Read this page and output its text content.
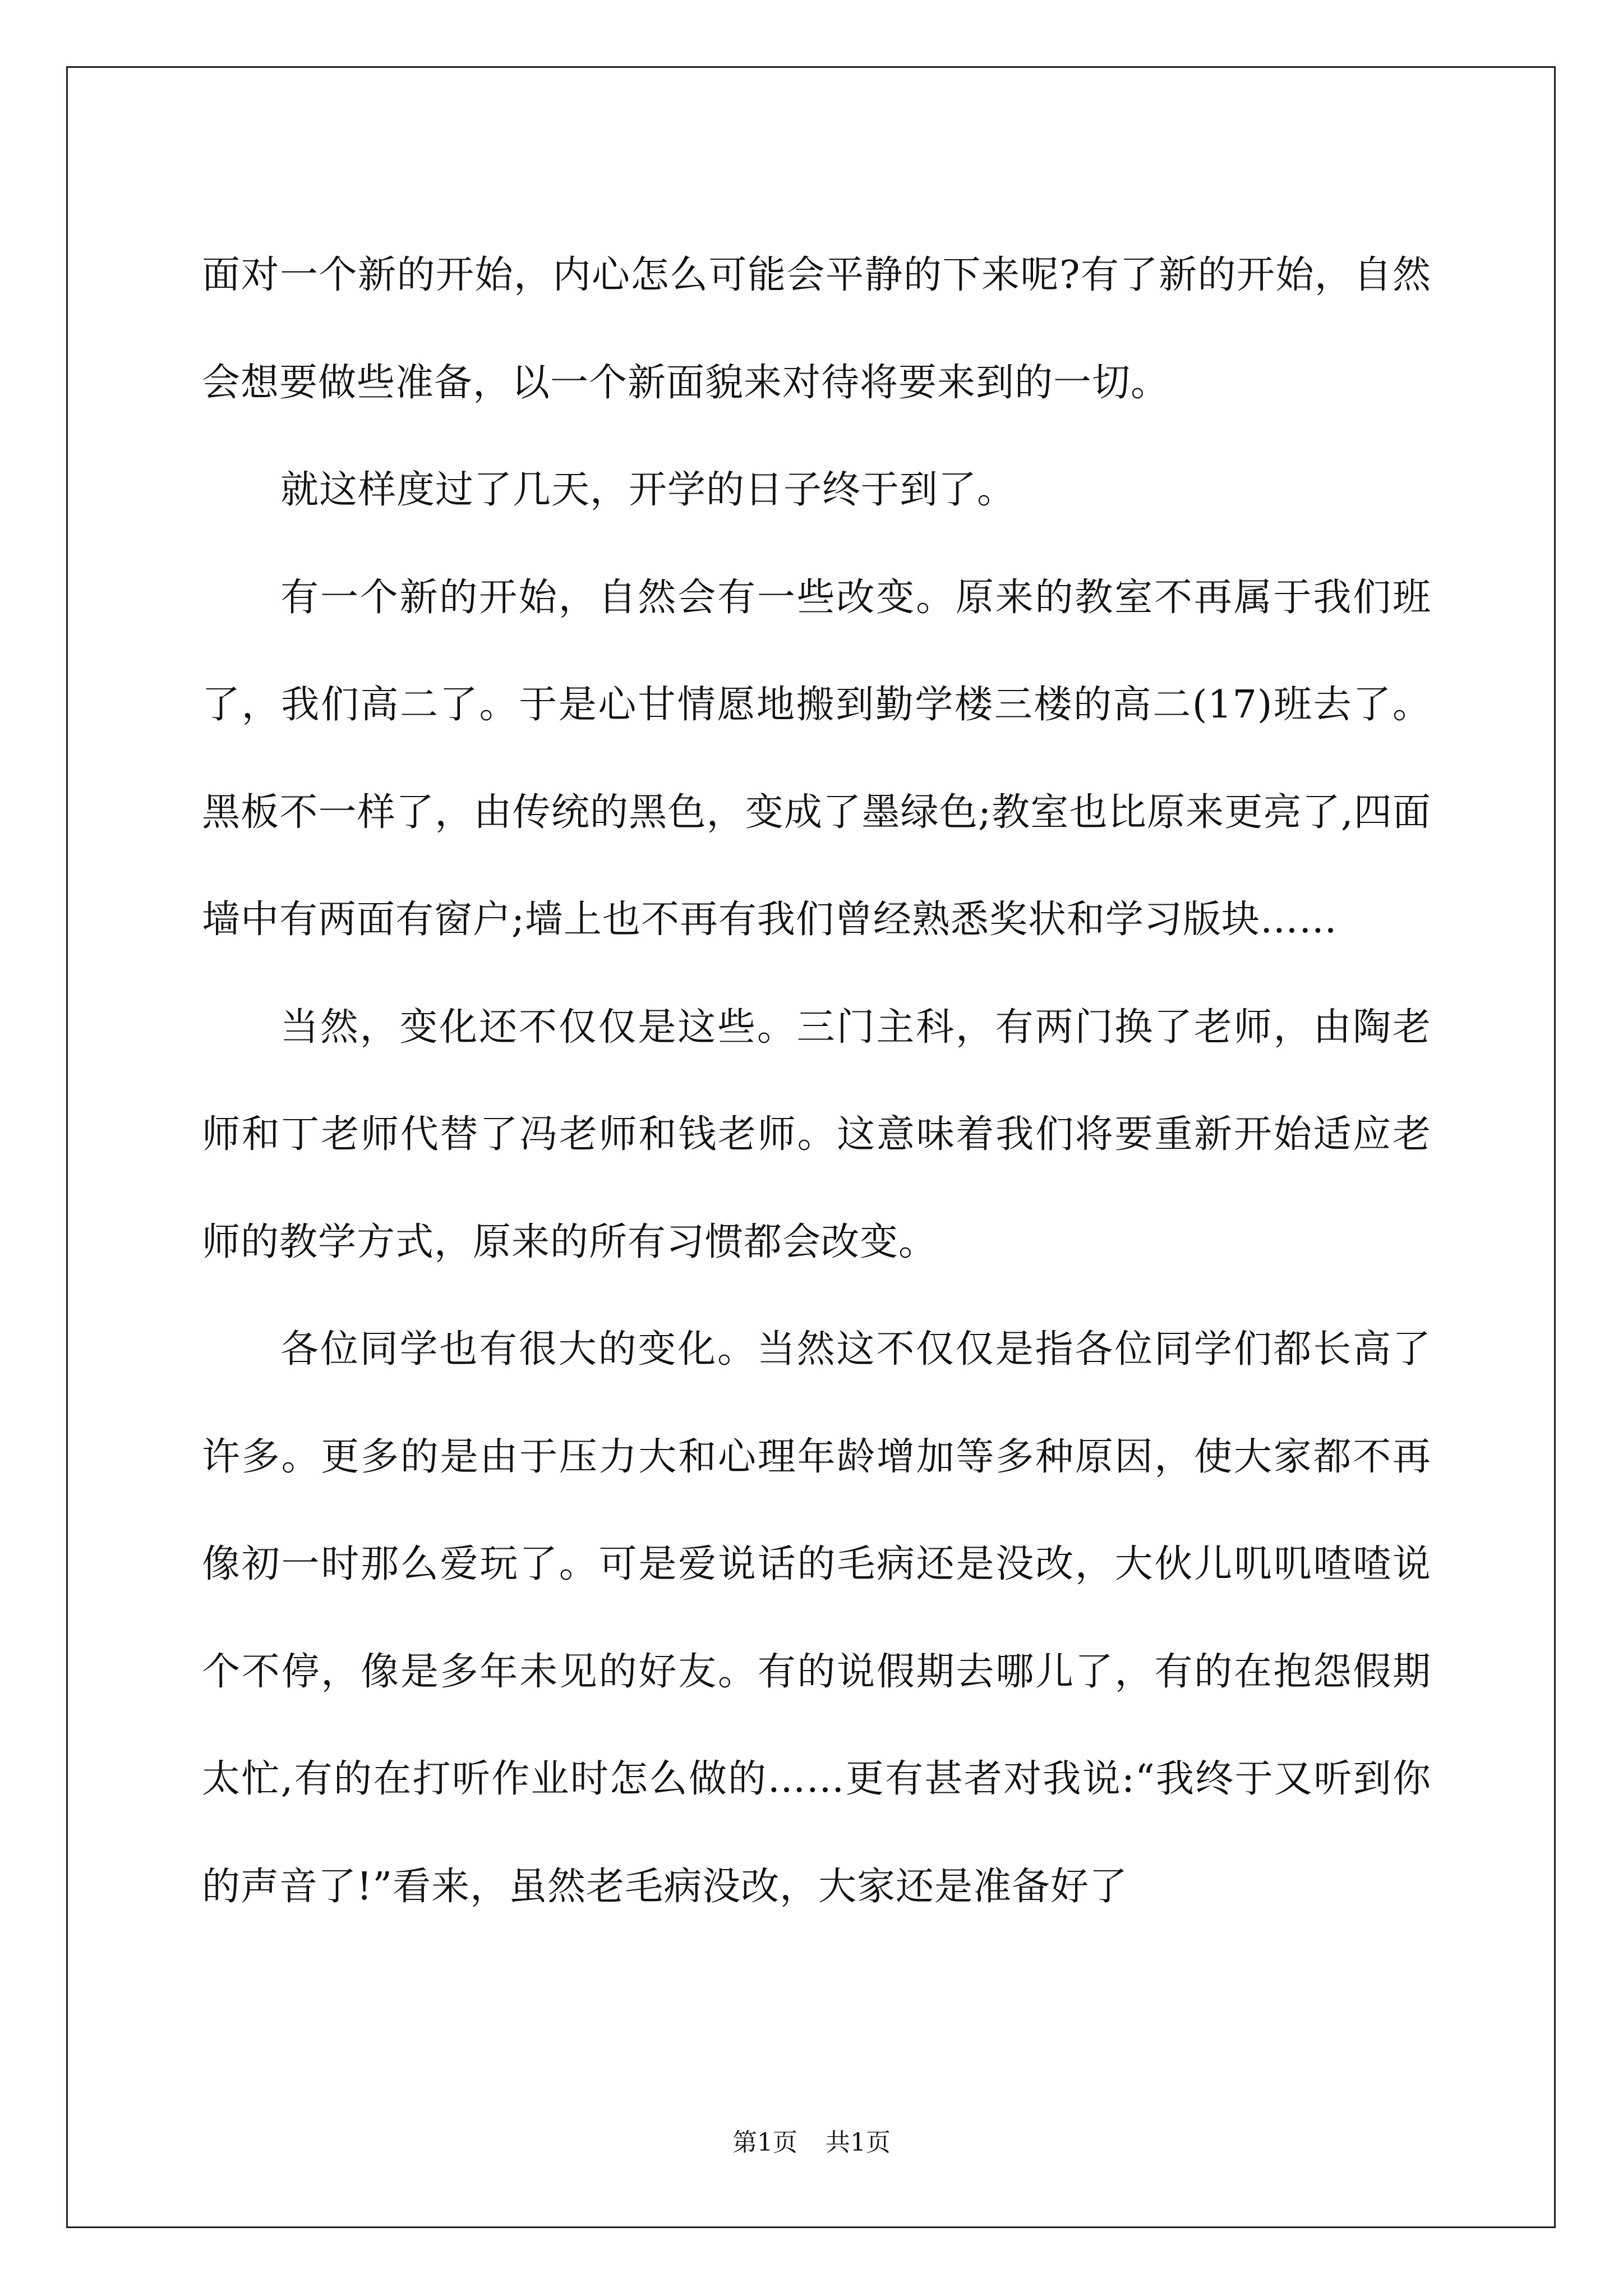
面对一个新的开始，内心怎么可能会平静的下来呢?有了新的开始，自然会想要做些准备，以一个新面貌来对待将要来到的一切。

就这样度过了几天，开学的日子终于到了。

有一个新的开始，自然会有一些改变。原来的教室不再属于我们班了，我们高二了。于是心甘情愿地搬到勤学楼三楼的高二(17)班去了。黑板不一样了，由传统的黑色，变成了墨绿色;教室也比原来更亮了,四面墙中有两面有窗户;墙上也不再有我们曾经熟悉奖状和学习版块……

当然，变化还不仅仅是这些。三门主科，有两门换了老师，由陶老师和丁老师代替了冯老师和钱老师。这意味着我们将要重新开始适应老师的教学方式，原来的所有习惯都会改变。

各位同学也有很大的变化。当然这不仅仅是指各位同学们都长高了许多。更多的是由于压力大和心理年龄增加等多种原因，使大家都不再像初一时那么爱玩了。可是爱说话的毛病还是没改，大伙儿叽叽喳喳说个不停，像是多年未见的好友。有的说假期去哪儿了，有的在抱怨假期太忙,有的在打听作业时怎么做的……更有甚者对我说:“我终于又听到你的声音了!”看来，虽然老毛病没改，大家还是准备好了

第1页 共1页
